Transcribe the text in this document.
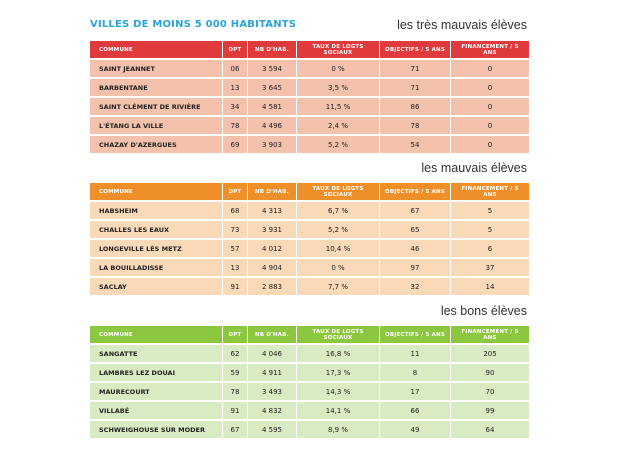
VILLES DE MOINS 5 000 HABITANTS	les très mauvais élèves
COMMUNE	DPT	NB D'HAB.	TAUX DE LOGTS SOCIAUX	OBJECTIFS / 5 ANS	FINANCEMENT / 5 ANS
SAINT JEANNET	06	3 594	0 %	71	0
BARBENTANE	13	3 645	3,5 %	71	0
SAINT CLÉMENT DE RIVIÈRE	34	4 581	11,5 %	86	0
L'ÉTANG LA VILLE	78	4 496	2,4 %	78	0
CHAZAY D'AZERGUES	69	3 903	5,2 %	54	0
les mauvais élèves
COMMUNE	DPT	NB D'HAB.	TAUX DE LOGTS SOCIAUX	OBJECTIFS / 5 ANS	FINANCEMENT / 5 ANS
HABSHEIM	68	4 313	6,7 %	67	5
CHALLES LES EAUX	73	3 931	5,2 %	65	5
LONGEVILLE LÈS METZ	57	4 012	10,4 %	46	6
LA BOUILLADISSE	13	4 904	0 %	97	37
SACLAY	91	2 883	7,7 %	32	14
les bons élèves
COMMUNE	DPT	NB D'HAB.	TAUX DE LOGTS SOCIAUX	OBJECTIFS / 5 ANS	FINANCEMENT / 5 ANS
SANGATTE	62	4 046	16,8 %	11	205
LAMBRES LEZ DOUAI	59	4 911	17,3 %	8	90
MAURECOURT	78	3 493	14,3 %	17	70
VILLABÉ	91	4 832	14,1 %	66	99
SCHWEIGHOUSE SUR MODER	67	4 595	8,9 %	49	64
